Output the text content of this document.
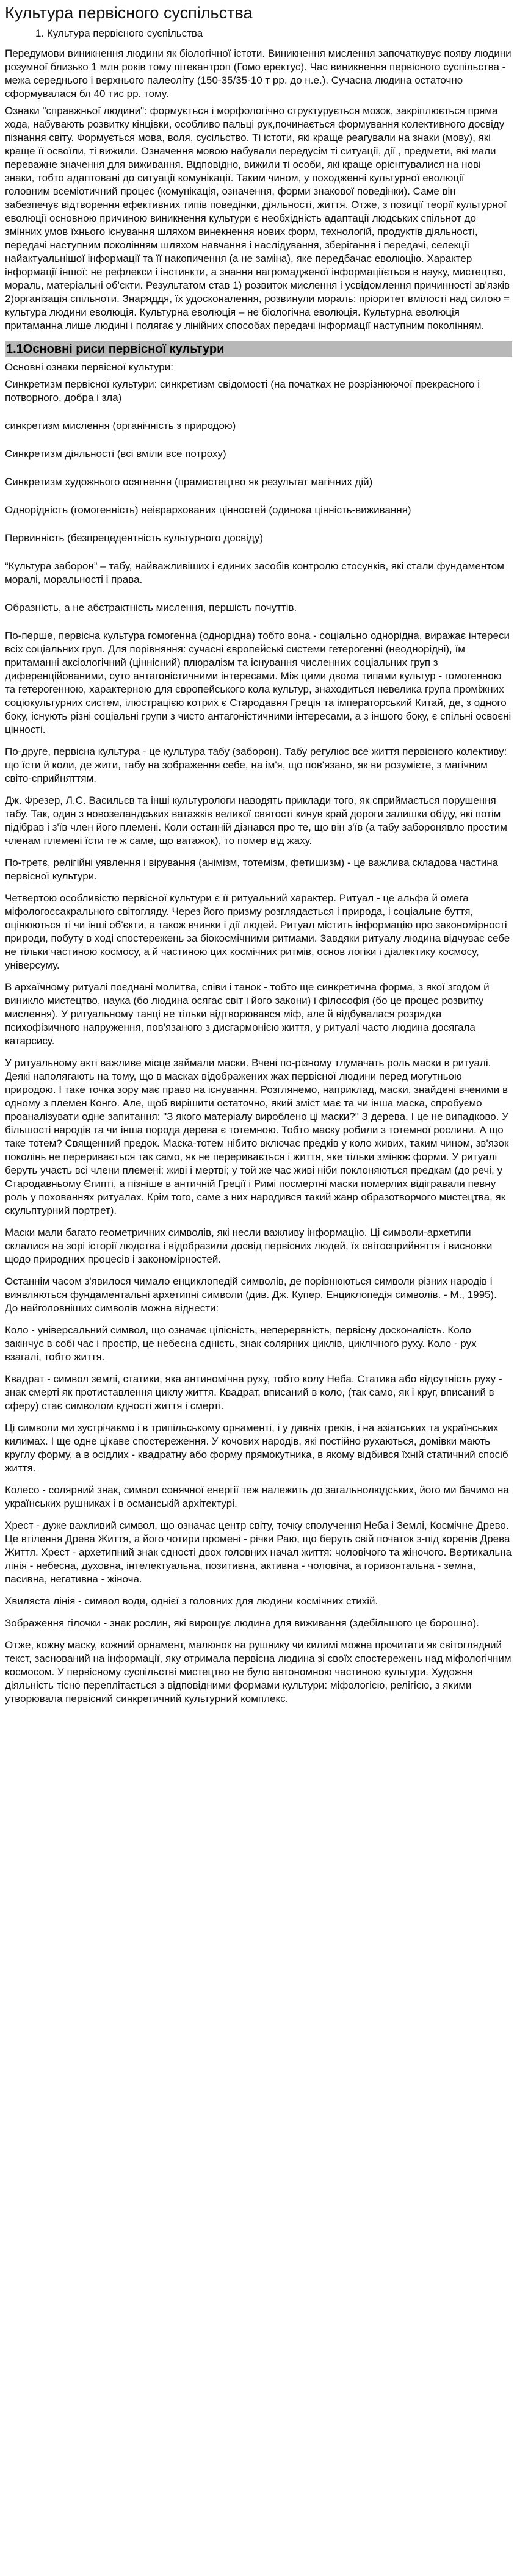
Культура первісного суспільства
1. Культура первісного суспільства

Передумови виникнення людини як біологічної істоти. Виникнення мислення започаткувує появу людини розумної близько 1 млн років тому пітекантроп (Гомо еректус). Час виникнення первісного суспільства - межа середнього і верхнього палеоліту (150-35/35-10 т рр. до н.е.). Сучасна людина остаточно сформувалася бл 40 тис рр. тому.

Ознаки "справжньої людини": формується і морфологічно структурується мозок, закріплюється пряма хода, набувають розвитку кінцівки, особливо пальці рук,починається формування колективного досвіду пізнання світу. Формується мова, воля, сусільство. Ті істоти, які краще реагували на знаки (мову), які краще її освоїли, ті вижили. Означення мовою набували передусім ті ситуації, дії , предмети, які мали переважне значення для виживання. Відповідно, вижили ті особи, які краще орієнтувалися на нові знаки, тобто адаптовані до ситуації комунікації. Таким чином, у походженні культурної еволюції головним всеміотичний процес (комунікація, означення, форми знакової поведінки). Саме він забезпечує відтворення ефективних типів поведінки, діяльності, життя. Отже, з позиції теорії культурної еволюції основною причиною виникнення культури є необхідність адаптації людських спільнот до змінних умов їхнього існування шляхом винекнення нових форм, технологій, продуктів діяльності, передачі наступним поколінням шляхом навчання і наслідування, зберігання і передачі, селекції найактуальнішої інформації та її накопичення (а не заміна), яке передбачає еволюцію. Характер інформації іншої: не рефлекси і інстинкти, а знання нагромадженої інформаціїється в науку, мистецтво, мораль, матеріальні об'єкти. Результатом став 1) розвиток мислення і усвідомлення причинності зв'язків 2)організація спільноти. Знаряддя, їх удосконалення, розвинули мораль: пріоритет вмілості над силою = культура людини еволюція. Культурна еволюція – не біологічна еволюція. Культурна еволюція притаманна лише людині і полягає у лінійних способах передачі інформації наступним поколінням.

1.1Основні риси первісної культури

Основні ознаки первісної культури:

Синкретизм первісної культури: синкретизм свідомості (на початках не розрізнюючої прекрасного і потворного, добра і зла)

синкретизм мислення (органічність з природою)

Синкретизм діяльності (всі вміли все потроху)

Синкретизм художнього осягнення (прамистецтво як результат магічних дій)

Однорідність (гомогенність) неієрархованих цінностей (одинока цінність-виживання)

Первинність (безпрецедентність культурного досвіду)

“Культура заборон” – табу, найважливіших і єдиних засобів контролю стосунків, які стали фундаментом моралі, моральності і права.

Образність, а не абстрактність мислення, першість почуттів.

По-перше, первісна культура гомогенна (однорідна) тобто вона - соціально однорідна, виражає інтереси всіх соціальних груп. Для порівняння: сучасні європейські системи гетерогенні (неоднорідні), їм притаманні аксіологічний (ціннісний) плюралізм та існування численних соціальних груп з диференційованими, суто антагоністичними інтересами. Між цими двома типами культур - гомогенною та гетерогенною, характерною для європейського кола культур, знаходиться невелика група проміжних соціокультурних систем, ілюстрацією котрих є Стародавня Греція та імператорський Китай, де, з одного боку, існують різні соціальні групи з чисто антагоністичними інтересами, а з іншого боку, є спільні освоєні цінності.

По-друге, первісна культура - це культура табу (заборон). Табу регулює все життя первісного колективу: що їсти й коли, де жити, табу на зображення себе, на ім'я, що пов'язано, як ви розумієте, з магічним світо-сприйняттям.

Дж. Фрезер, Л.С. Васильєв та інші культурологи наводять приклади того, як сприймається порушення табу. Так, один з новозеландських ватажків великої святості кинув край дороги залишки обіду, які потім підібрав і з'їв член його племені. Коли останній дізнався про те, що він з'їв (а табу заборонявло простим членам племені їсти те ж саме, що ватажок), то помер від жаху.

По-третє, релігійні уявлення і вірування (анімізм, тотемізм, фетишизм) - це важлива складова частина первісної культури.

Четвертою особливістю первісної культури є її ритуальний характер. Ритуал - це альфа й омега міфологоєсакрального світогляду. Через його призму розглядається і природа, і соціальне буття, оцінюються ті чи інші об'єкти, а також вчинки і дії людей. Ритуал містить інформацію про закономірності природи, побуту в ході спостережень за біокосмічними ритмами. Завдяки ритуалу людина відчуває себе не тільки частиною космосу, а й частиною цих космічних ритмів, основ логіки і діалектику космосу, універсуму.

В архаїчному ритуалі поєднані молитва, співи і танок - тобто ще синкретична форма, з якої згодом й виникло мистецтво, наука (бо людина осягає світ і його закони) і філософія (бо це процес розвитку мислення). У ритуальному танці не тільки відтворювався міф, але й відбувалася розрядка психофізичного напруження, пов'язаного з дисгармонією життя, у ритуалі часто людина досягала катарсису.

У ритуальному акті важливе місце займали маски. Вчені по-різному тлумачать роль маски в ритуалі. Деякі наполягають на тому, що в масках відображених жах первісної людини перед могутньою природою. І таке точка зору має право на існування. Розглянемо, наприклад, маски, знайдені вченими в одному з племен Конго. Але, щоб вирішити остаточно, який зміст має та чи інша маска, спробуємо проаналізувати одне запитання: "З якого матеріалу вироблено ці маски?" З дерева. І це не випадково. У більшості народів та чи інша порода дерева є тотемною. Тобто маску робили з тотемної рослини. А що таке тотем? Священний предок. Маска-тотем нібито включає предків у коло живих, таким чином, зв'язок поколінь не переривається так само, як не переривається і життя, яке тільки змінює форми. У ритуалі беруть участь всі члени племені: живі і мертві; у той же час живі ніби поклоняються предкам (до речі, у Стародавньому Єгипті, а пізніше в античній Греції і Римі посмертні маски померлих відігравали певну роль у похованнях ритуалах. Крім того, саме з них народився такий жанр образотворчого мистецтва, як скульптурний портрет).

Маски мали багато геометричних символів, які несли важливу інформацію. Ці символи-архетипи склалися на зорі історії людства і відобразили досвід первісних людей, їх світосприйняття і висновки щодо природних процесів і закономірностей.

Останнім часом з'явилося чимало енциклопедій символів, де порівнюються символи різних народів і виявляються фундаментальні архетипні символи (див. Дж. Купер. Енциклопедія символів. - М., 1995). До найголовніших символів можна віднести:

Коло - універсальний символ, що означає цілісність, неперервність, первісну досконалість. Коло закінчує в собі час і простір, це небесна єдність, знак солярних циклів, циклічного руху. Коло - рух взагалі, тобто життя.

Квадрат - символ землі, статики, яка антиномічна руху, тобто колу Неба. Статика або відсутність руху - знак смерті як протиставлення циклу життя. Квадрат, вписаний в коло, (так само, як і круг, вписаний в сферу) стає символом єдності життя і смерті.

Ці символи ми зустрічаємо і в трипільському орнаменті, і у давніх греків, і на азіатських та українських килимах. І ще одне цікаве спостереження. У кочових народів, які постійно рухаються, домівки мають круглу форму, а в осідлих - квадратну або форму прямокутника, в якому відбився їхній статичний спосіб життя.

Колесо - солярний знак, символ сонячної енергії теж належить до загальнолюдських, його ми бачимо на українських рушниках і в османській архітектурі.

Хрест - дуже важливий символ, що означає центр світу, точку сполучення Неба і Землі, Космічне Древо. Це втілення Древа Життя, а його чотири промені - річки Раю, що беруть свій початок з-під коренів Древа Життя. Хрест - архетипний знак єдності двох головних начал життя: чоловічого та жіночого. Вертикальна лінія - небесна, духовна, інтелектуальна, позитивна, активна - чоловіча, а горизонтальна - земна, пасивна, негативна - жіноча.

Хвиляста лінія - символ води, однієї з головних для людини космічних стихій.

Зображення гілочки - знак рослин, які вирощує людина для виживання (здебільшого це борошно).

Отже, кожну маску, кожний орнамент, малюнок на рушнику чи килимі можна прочитати як світоглядний текст, заснований на інформації, яку отримала первісна людина зі своїх спостережень над міфологічним космосом. У первісному суспільстві мистецтво не було автономною частиною культури. Художня діяльність тісно переплітається з відповідними формами культури: міфологією, релігією, з якими утворювала первісний синкретичний культурний комплекс.
